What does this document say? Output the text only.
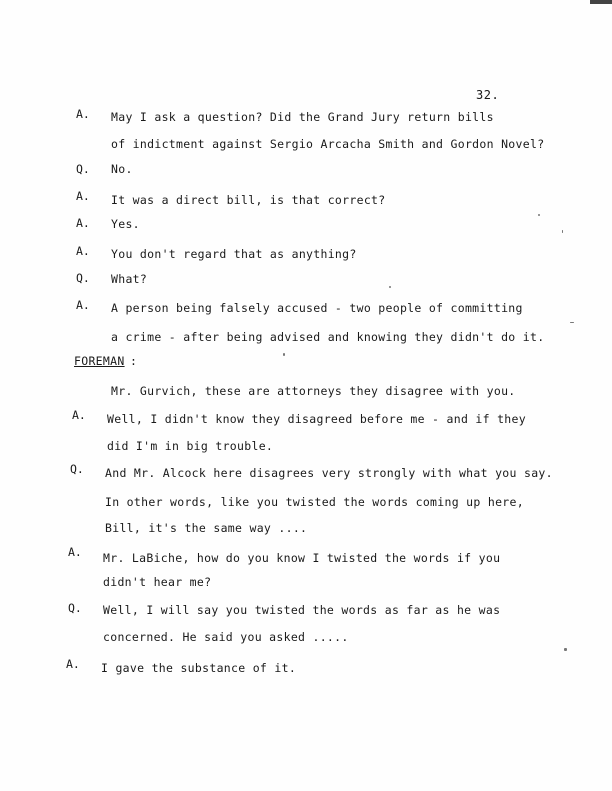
32.
A. May I ask a question? Did the Grand Jury return bills
of indictment against Sergio Arcacha Smith and Gordon Novel?
Q. No.
A. It was a direct bill, is that correct?
A. Yes.
A. You don't regard that as anything?
Q. What?
A. A person being falsely accused - two people of committing
a crime - after being advised and knowing they didn't do it.
FOREMAN :
Mr. Gurvich, these are attorneys they disagree with you.
A. Well, I didn't know they disagreed before me - and if they
did I'm in big trouble.
Q. And Mr. Alcock here disagrees very strongly with what you say.
In other words, like you twisted the words coming up here,
Bill, it's the same way ....
A. Mr. LaBiche, how do you know I twisted the words if you
didn't hear me?
Q. Well, I will say you twisted the words as far as he was
concerned. He said you asked .....
A. I gave the substance of it.
